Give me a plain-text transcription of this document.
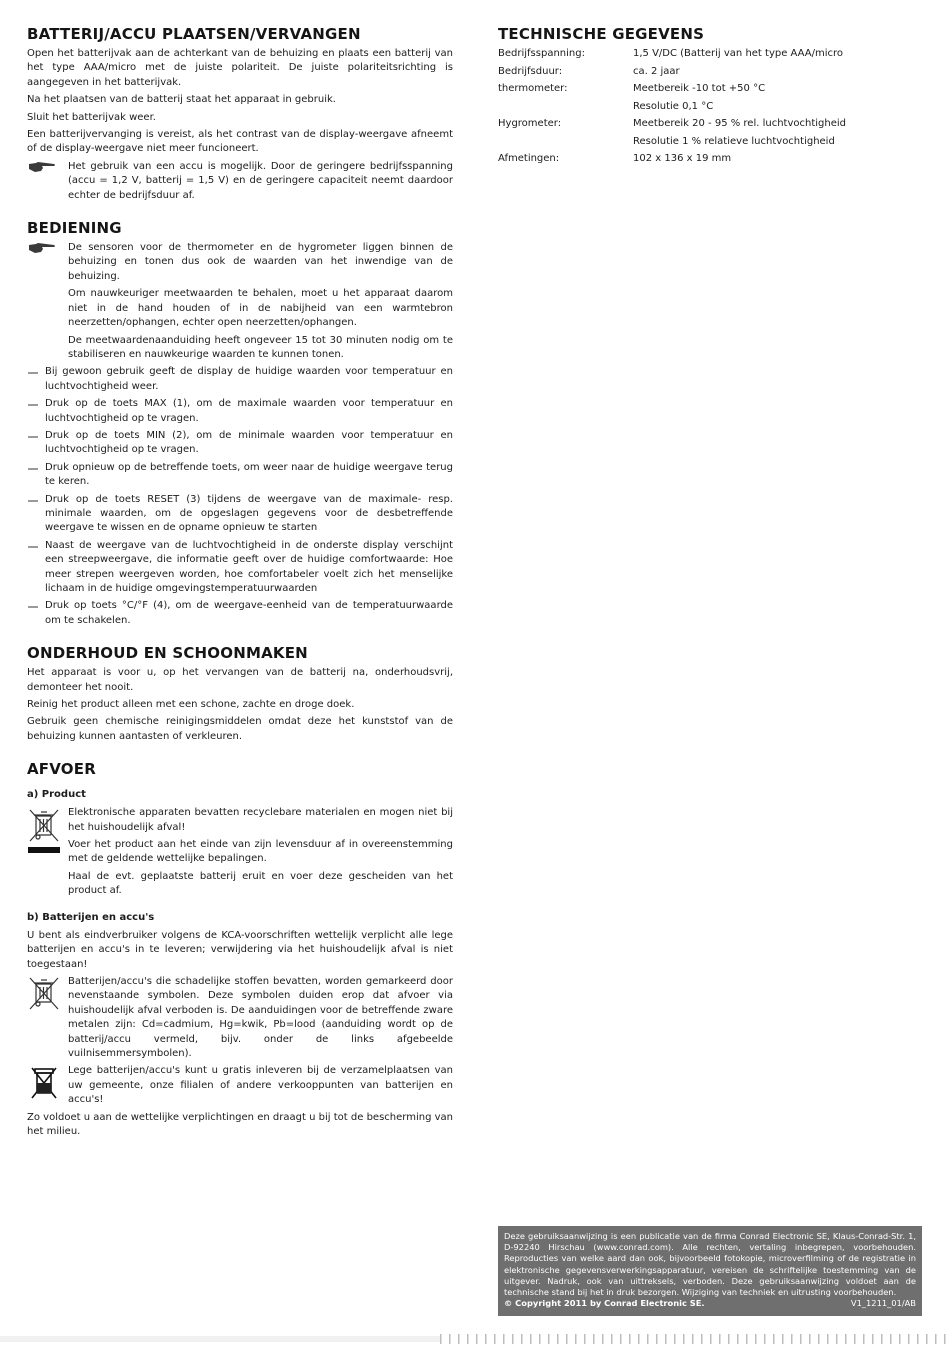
BATTERIJ/ACCU PLAATSEN/VERVANGEN

Open het batterijvak aan de achterkant van de behuizing en plaats een batterij van het type AAA/micro met de juiste polariteit. De juiste polariteitsrichting is aangegeven in het batterijvak.

Na het plaatsen van de batterij staat het apparaat in gebruik.

Sluit het batterijvak weer.

Een batterijvervanging is vereist, als het contrast van de display-weergave afneemt of de display-weergave niet meer funcioneert.

Het gebruik van een accu is mogelijk. Door de geringere bedrijfsspanning (accu = 1,2 V, batterij = 1,5 V) en de geringere capaciteit neemt daardoor echter de bedrijfsduur af.

BEDIENING

De sensoren voor de thermometer en de hygrometer liggen binnen de behuizing en tonen dus ook de waarden van het inwendige van de behuizing.

Om nauwkeuriger meetwaarden te behalen, moet u het apparaat daarom niet in de hand houden of in de nabijheid van een warmtebron neerzetten/ophangen, echter open neerzetten/ophangen.

De meetwaardenaanduiding heeft ongeveer 15 tot 30 minuten nodig om te stabiliseren en nauwkeurige waarden te kunnen tonen.

Bij gewoon gebruik geeft de display de huidige waarden voor temperatuur en luchtvochtigheid weer.

Druk op de toets MAX (1), om de maximale waarden voor temperatuur en luchtvochtigheid op te vragen.

Druk op de toets MIN (2), om de minimale waarden voor temperatuur en luchtvochtigheid op te vragen.

Druk opnieuw op de betreffende toets, om weer naar de huidige weergave terug te keren.

Druk op de toets RESET (3) tijdens de weergave van de maximale- resp. minimale waarden, om de opgeslagen gegevens voor de desbetreffende weergave te wissen en de opname opnieuw te starten

Naast de weergave van de luchtvochtigheid in de onderste display verschijnt een streepweergave, die informatie geeft over de huidige comfortwaarde: Hoe meer strepen weergeven worden, hoe comfortabeler voelt zich het menselijke lichaam in de huidige omgevingstemperatuurwaarden

Druk op toets °C/°F (4), om de weergave-eenheid van de temperatuurwaarde om te schakelen.

ONDERHOUD EN SCHOONMAKEN

Het apparaat is voor u, op het vervangen van de batterij na, onderhoudsvrij, demonteer het nooit.

Reinig het product alleen met een schone, zachte en droge doek.

Gebruik geen chemische reinigingsmiddelen omdat deze het kunststof van de behuizing kunnen aantasten of verkleuren.

AFVOER
a) Product

Elektronische apparaten bevatten recyclebare materialen en mogen niet bij het huishoudelijk afval!

Voer het product aan het einde van zijn levensduur af in overeenstemming met de geldende wettelijke bepalingen.

Haal de evt. geplaatste batterij eruit en voer deze gescheiden van het product af.

b) Batterijen en accu's

U bent als eindverbruiker volgens de KCA-voorschriften wettelijk verplicht alle lege batterijen en accu's in te leveren; verwijdering via het huishoudelijk afval is niet toegestaan!

Batterijen/accu's die schadelijke stoffen bevatten, worden gemarkeerd door nevenstaande symbolen. Deze symbolen duiden erop dat afvoer via huishoudelijk afval verboden is. De aanduidingen voor de betreffende zware metalen zijn: Cd=cadmium, Hg=kwik, Pb=lood (aanduiding wordt op de batterij/accu vermeld, bijv. onder de links afgebeelde vuilnisemmersymbolen).

Lege batterijen/accu's kunt u gratis inleveren bij de verzamelplaatsen van uw gemeente, onze filialen of andere verkooppunten van batterijen en accu's!

Zo voldoet u aan de wettelijke verplichtingen en draagt u bij tot de bescherming van het milieu.

TECHNISCHE GEGEVENS
Bedrijfsspanning:	1,5 V/DC (Batterij van het type AAA/micro
Bedrijfsduur:	ca. 2 jaar
thermometer:	Meetbereik -10 tot +50 °C
Resolutie 0,1 °C
Hygrometer:	Meetbereik 20 - 95 % rel. luchtvochtigheid
Resolutie 1 % relatieve luchtvochtigheid
Afmetingen:	102 x 136 x 19 mm

Deze gebruiksaanwijzing is een publicatie van de firma Conrad Electronic SE, Klaus-Conrad-Str. 1, D-92240 Hirschau (www.conrad.com). Alle rechten, vertaling inbegrepen, voorbehouden. Reproducties van welke aard dan ook, bijvoorbeeld fotokopie, microverfilming of de registratie in elektronische gegevensverwerkingsapparatuur, vereisen de schriftelijke toestemming van de uitgever. Nadruk, ook van uittreksels, verboden. Deze gebruiksaanwijzing voldoet aan de technische stand bij het in druk bezorgen. Wijziging van techniek en uitrusting voorbehouden.

© Copyright 2011 by Conrad Electronic SE.	V1_1211_01/AB
